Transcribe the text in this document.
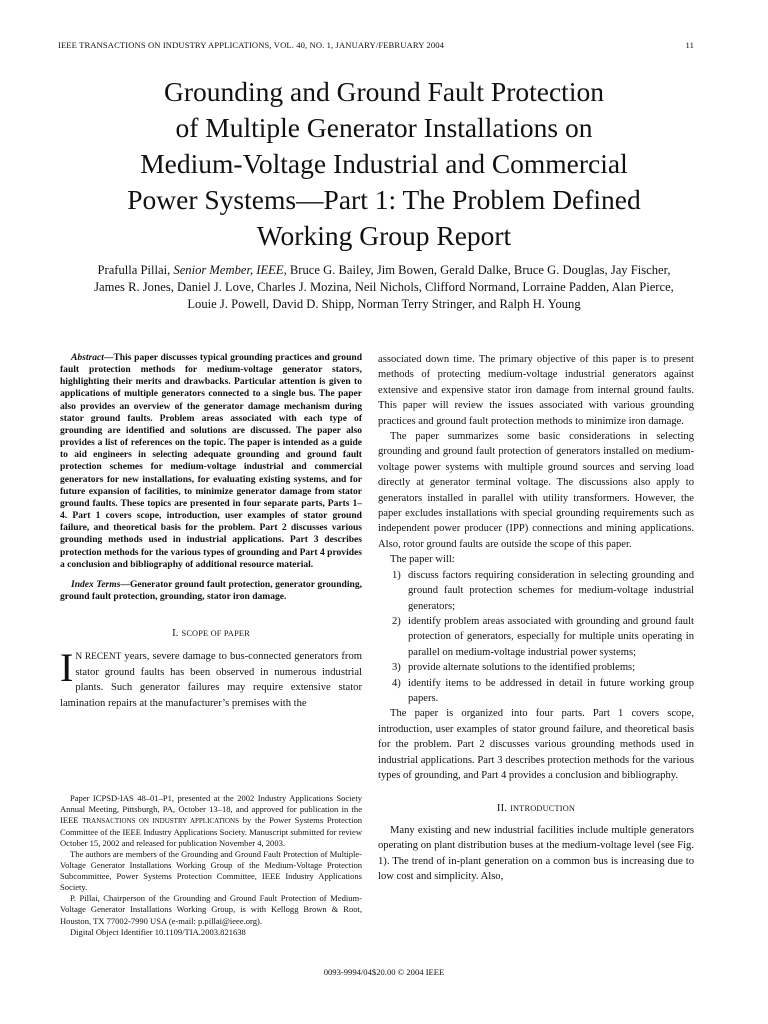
IEEE TRANSACTIONS ON INDUSTRY APPLICATIONS, VOL. 40, NO. 1, JANUARY/FEBRUARY 2004	11
Grounding and Ground Fault Protection
of Multiple Generator Installations on
Medium-Voltage Industrial and Commercial
Power Systems—Part 1: The Problem Defined
Working Group Report
Prafulla Pillai, Senior Member, IEEE, Bruce G. Bailey, Jim Bowen, Gerald Dalke, Bruce G. Douglas, Jay Fischer,
James R. Jones, Daniel J. Love, Charles J. Mozina, Neil Nichols, Clifford Normand, Lorraine Padden, Alan Pierce,
Louie J. Powell, David D. Shipp, Norman Terry Stringer, and Ralph H. Young

Abstract—This paper discusses typical grounding practices and ground fault protection methods for medium-voltage generator stators, highlighting their merits and drawbacks. Particular attention is given to applications of multiple generators connected to a single bus. The paper also provides an overview of the generator damage mechanism during stator ground faults. Problem areas associated with each type of grounding are identified and solutions are discussed. The paper also provides a list of references on the topic. The paper is intended as a guide to aid engineers in selecting adequate grounding and ground fault protection schemes for medium-voltage industrial and commercial generators for new installations, for evaluating existing systems, and for future expansion of facilities, to minimize generator damage from stator ground faults. These topics are presented in four separate parts, Parts 1–4. Part 1 covers scope, introduction, user examples of stator ground failure, and theoretical basis for the problem. Part 2 discusses various grounding methods used in industrial applications. Part 3 describes protection methods for the various types of grounding and Part 4 provides a conclusion and bibliography of additional resource material.

Index Terms—Generator ground fault protection, generator grounding, ground fault protection, grounding, stator iron damage.

I. SCOPE OF PAPER

IN RECENT years, severe damage to bus-connected generators from stator ground faults has been observed in numerous industrial plants. Such generator failures may require extensive stator lamination repairs at the manufacturer’s premises with the

Paper ICPSD-IAS 48–01–P1, presented at the 2002 Industry Applications Society Annual Meeting, Pittsburgh, PA, October 13–18, and approved for publication in the IEEE TRANSACTIONS ON INDUSTRY APPLICATIONS by the Power Systems Protection Committee of the IEEE Industry Applications Society. Manuscript submitted for review October 15, 2002 and released for publication November 4, 2003.

The authors are members of the Grounding and Ground Fault Protection of Multiple-Voltage Generator Installations Working Group of the Medium-Voltage Protection Subcommittee, Power Systems Protection Committee, IEEE Industry Applications Society.

P. Pillai, Chairperson of the Grounding and Ground Fault Protection of Medium-Voltage Generator Installations Working Group, is with Kellogg Brown & Root, Houston, TX 77002-7990 USA (e-mail: p.pillai@ieee.org).

Digital Object Identifier 10.1109/TIA.2003.821638

associated down time. The primary objective of this paper is to present methods of protecting medium-voltage industrial generators against extensive and expensive stator iron damage from internal ground faults. This paper will review the issues associated with various grounding practices and ground fault protection methods to minimize iron damage.

The paper summarizes some basic considerations in selecting grounding and ground fault protection of generators installed on medium-voltage power systems with multiple ground sources and serving load directly at generator terminal voltage. The discussions also apply to generators installed in parallel with utility transformers. However, the paper excludes installations with special grounding requirements such as independent power producer (IPP) connections and mining applications. Also, rotor ground faults are outside the scope of this paper.

The paper will:

1) discuss factors requiring consideration in selecting grounding and ground fault protection schemes for medium-voltage industrial generators;
2) identify problem areas associated with grounding and ground fault protection of generators, especially for multiple units operating in parallel on medium-voltage industrial power systems;
3) provide alternate solutions to the identified problems;
4) identify items to be addressed in detail in future working group papers.

The paper is organized into four parts. Part 1 covers scope, introduction, user examples of stator ground failure, and theoretical basis for the problem. Part 2 discusses various grounding methods used in industrial applications. Part 3 describes protection methods for the various types of grounding, and Part 4 provides a conclusion and bibliography.

II. INTRODUCTION

Many existing and new industrial facilities include multiple generators operating on plant distribution buses at the medium-voltage level (see Fig. 1). The trend of in-plant generation on a common bus is increasing due to low cost and simplicity. Also,

0093-9994/04$20.00 © 2004 IEEE
